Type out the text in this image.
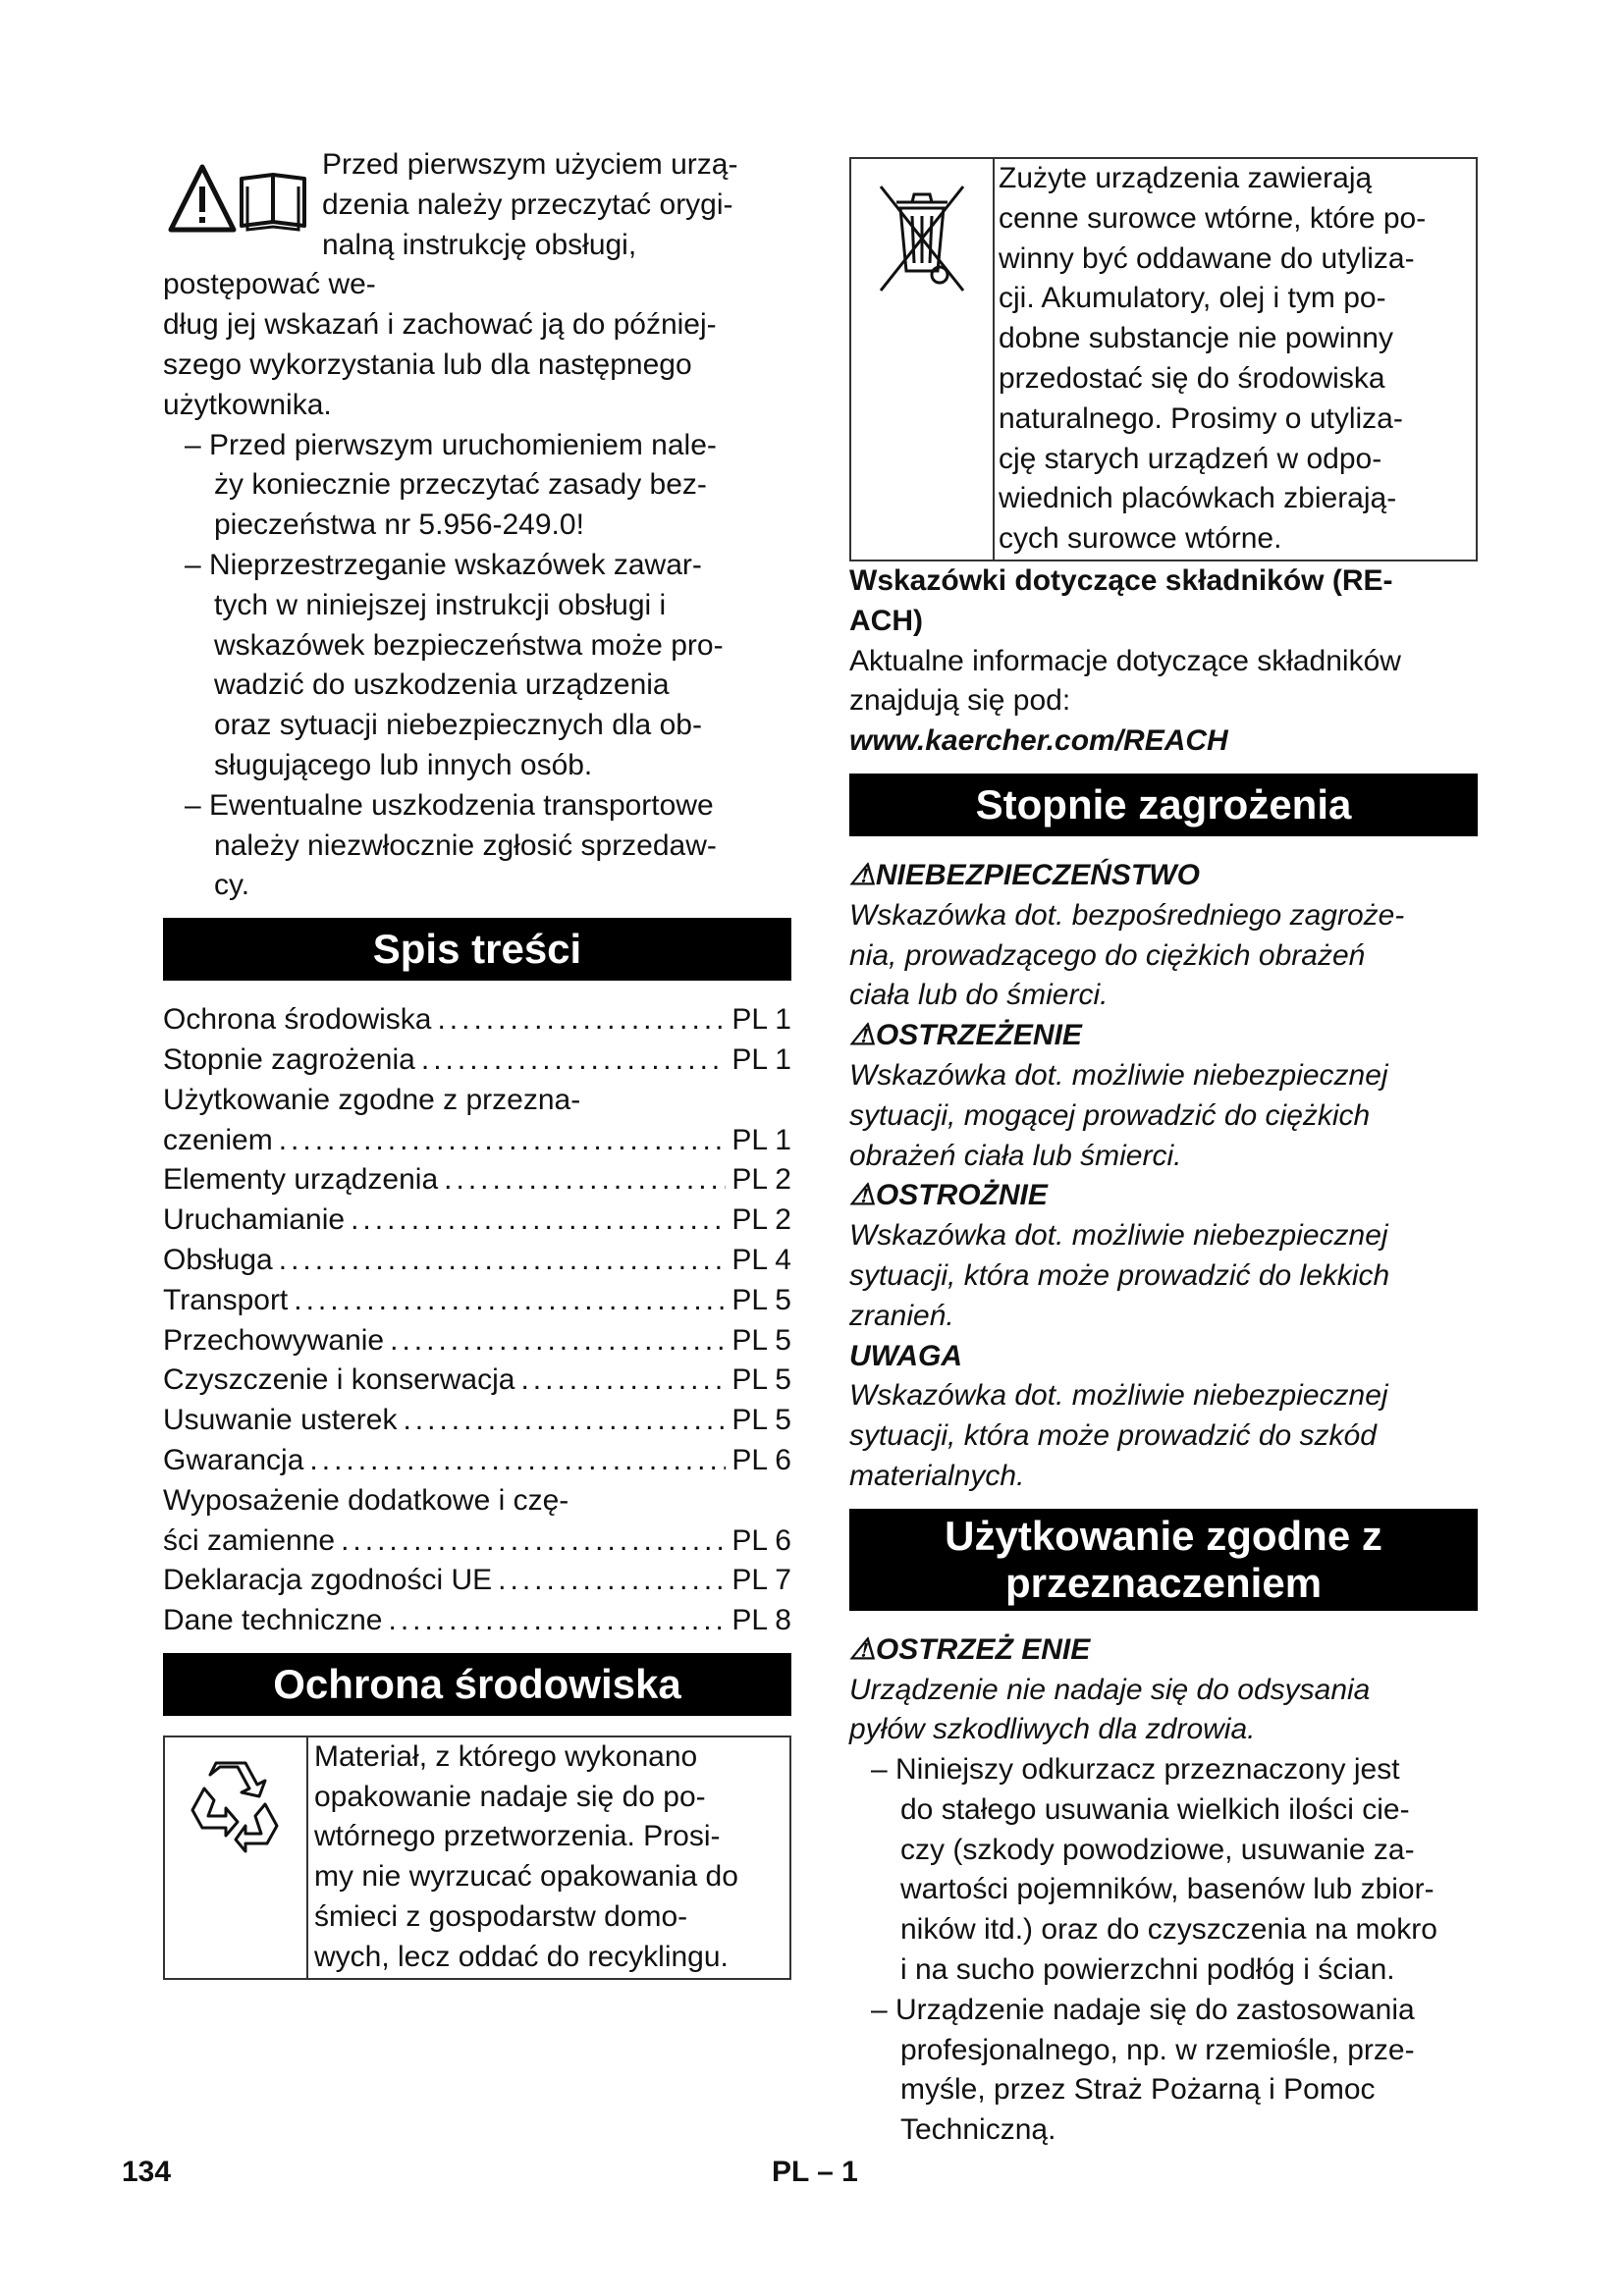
Przed pierwszym użyciem urzą-
dzenia należy przeczytać orygi-
nalną instrukcję obsługi, postępować we-
dług jej wskazań i zachować ją do później-
szego wykorzystania lub dla następnego
użytkownika.

– Przed pierwszym uruchomieniem nale-
ży koniecznie przeczytać zasady bez-
pieczeństwa nr 5.956-249.0!

– Nieprzestrzeganie wskazówek zawar-
tych w niniejszej instrukcji obsługi i
wskazówek bezpieczeństwa może pro-
wadzić do uszkodzenia urządzenia
oraz sytuacji niebezpiecznych dla ob-
sługującego lub innych osób.

– Ewentualne uszkodzenia transportowe
należy niezwłocznie zgłosić sprzedaw-
cy.

Spis treści
Ochrona środowiska .....	PL 1
Stopnie zagrożenia .....	PL 1
Użytkowanie zgodne z przezna-
czeniem .....	PL 1
Elementy urządzenia .....	PL 2
Uruchamianie .....	PL 2
Obsługa .....	PL 4
Transport .....	PL 5
Przechowywanie .....	PL 5
Czyszczenie i konserwacja .....	PL 5
Usuwanie usterek .....	PL 5
Gwarancja .....	PL 6
Wyposażenie dodatkowe i czę-
ści zamienne .....	PL 6
Deklaracja zgodności UE .....	PL 7
Dane techniczne .....	PL 8
Ochrona środowiska
Materiał, z którego wykonano
opakowanie nadaje się do po-
wtórnego przetworzenia. Prosi-
my nie wyrzucać opakowania do
śmieci z gospodarstw domo-
wych, lecz oddać do recyklingu.
Zużyte urządzenia zawierają
cenne surowce wtórne, które po-
winny być oddawane do utyliza-
cji. Akumulatory, olej i tym po-
dobne substancje nie powinny
przedostać się do środowiska
naturalnego. Prosimy o utyliza-
cję starych urządzeń w odpo-
wiednich placówkach zbierają-
cych surowce wtórne.

Wskazówki dotyczące składników (RE-
ACH)

Aktualne informacje dotyczące składników
znajdują się pod:

www.kaercher.com/REACH

Stopnie zagrożenia

⚠NIEBEZPIECZEŃSTWO

Wskazówka dot. bezpośredniego zagroże-
nia, prowadzącego do ciężkich obrażeń
ciała lub do śmierci.

⚠OSTRZEŻENIE

Wskazówka dot. możliwie niebezpiecznej
sytuacji, mogącej prowadzić do ciężkich
obrażeń ciała lub śmierci.

⚠OSTROŻNIE

Wskazówka dot. możliwie niebezpiecznej
sytuacji, która może prowadzić do lekkich
zranień.

UWAGA

Wskazówka dot. możliwie niebezpiecznej
sytuacji, która może prowadzić do szkód
materialnych.

Użytkowanie zgodne z
przeznaczeniem

⚠OSTRZEŻ ENIE

Urządzenie nie nadaje się do odsysania
pyłów szkodliwych dla zdrowia.

– Niniejszy odkurzacz przeznaczony jest
do stałego usuwania wielkich ilości cie-
czy (szkody powodziowe, usuwanie za-
wartości pojemników, basenów lub zbior-
ników itd.) oraz do czyszczenia na mokro
i na sucho powierzchni podłóg i ścian.

– Urządzenie nadaje się do zastosowania
profesjonalnego, np. w rzemiośle, prze-
myśle, przez Straż Pożarną i Pomoc
Techniczną.

134	PL – 1
